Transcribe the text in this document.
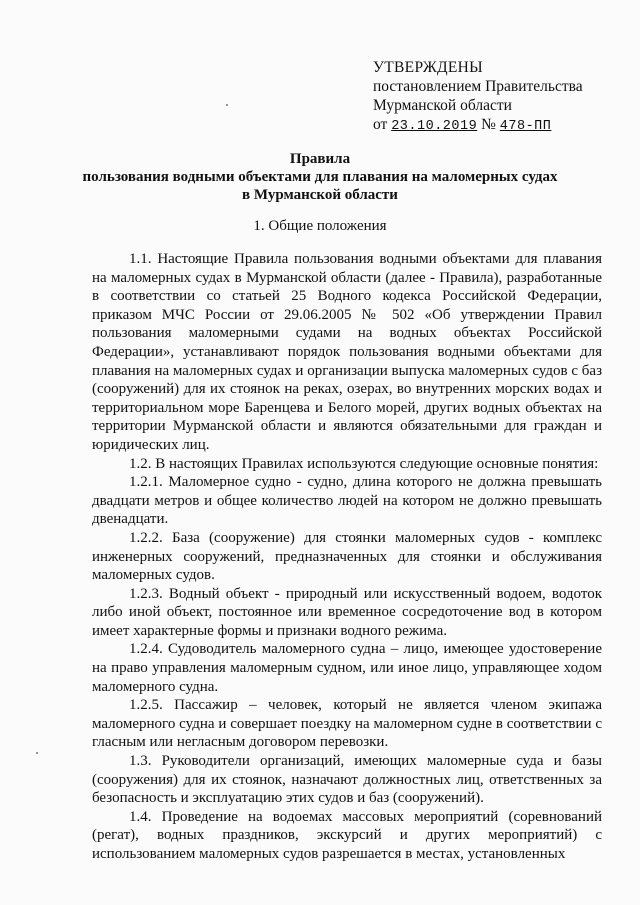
УТВЕРЖДЕНЫ
постановлением Правительства
Мурманской области
от 23.10.2019 № 478-ПП
Правила
пользования водными объектами для плавания на маломерных судах
в Мурманской области
1. Общие положения

1.1. Настоящие Правила пользования водными объектами для плавания на маломерных судах в Мурманской области (далее - Правила), разработанные в соответствии со статьей 25 Водного кодекса Российской Федерации, приказом МЧС России от 29.06.2005 № 502 «Об утверждении Правил пользования маломерными судами на водных объектах Российской Федерации», устанавливают порядок пользования водными объектами для плавания на маломерных судах и организации выпуска маломерных судов с баз (сооружений) для их стоянок на реках, озерах, во внутренних морских водах и территориальном море Баренцева и Белого морей, других водных объектах на территории Мурманской области и являются обязательными для граждан и юридических лиц.

1.2. В настоящих Правилах используются следующие основные понятия:

1.2.1. Маломерное судно - судно, длина которого не должна превышать двадцати метров и общее количество людей на котором не должно превышать двенадцати.

1.2.2. База (сооружение) для стоянки маломерных судов - комплекс инженерных сооружений, предназначенных для стоянки и обслуживания маломерных судов.

1.2.3. Водный объект - природный или искусственный водоем, водоток либо иной объект, постоянное или временное сосредоточение вод в котором имеет характерные формы и признаки водного режима.

1.2.4. Судоводитель маломерного судна – лицо, имеющее удостоверение на право управления маломерным судном, или иное лицо, управляющее ходом маломерного судна.

1.2.5. Пассажир – человек, который не является членом экипажа маломерного судна и совершает поездку на маломерном судне в соответствии с гласным или негласным договором перевозки.

1.3. Руководители организаций, имеющих маломерные суда и базы (сооружения) для их стоянок, назначают должностных лиц, ответственных за безопасность и эксплуатацию этих судов и баз (сооружений).

1.4. Проведение на водоемах массовых мероприятий (соревнований (регат), водных праздников, экскурсий и других мероприятий) с использованием маломерных судов разрешается в местах, установленных
